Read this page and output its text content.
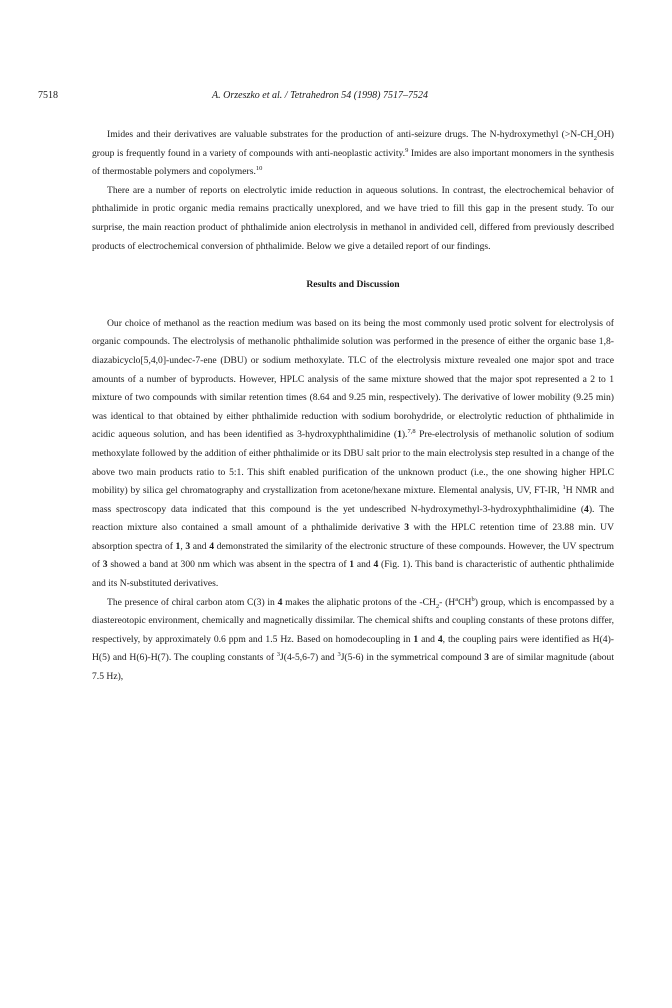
7518	A. Orzeszko et al. / Tetrahedron 54 (1998) 7517–7524

Imides and their derivatives are valuable substrates for the production of anti-seizure drugs. The N-hydroxymethyl $(>N-CH_2OH)$ group is frequently found in a variety of compounds with anti-neoplastic activity.$^9$ Imides are also important monomers in the synthesis of thermostable polymers and copolymers.$^{10}$

There are a number of reports on electrolytic imide reduction in aqueous solutions. In contrast, the electrochemical behavior of phthalimide in protic organic media remains practically unexplored, and we have tried to fill this gap in the present study. To our surprise, the main reaction product of phthalimide anion electrolysis in methanol in andivided cell, differed from previously described products of electrochemical conversion of phthalimide. Below we give a detailed report of our findings.

Results and Discussion

Our choice of methanol as the reaction medium was based on its being the most commonly used protic solvent for electrolysis of organic compounds. The electrolysis of methanolic phthalimide solution was performed in the presence of either the organic base 1,8-diazabicyclo[5,4,0]-undec-7-ene (DBU) or sodium methoxylate. TLC of the electrolysis mixture revealed one major spot and trace amounts of a number of byproducts. However, HPLC analysis of the same mixture showed that the major spot represented a 2 to 1 mixture of two compounds with similar retention times (8.64 and 9.25 min, respectively). The derivative of lower mobility (9.25 min) was identical to that obtained by either phthalimide reduction with sodium borohydride, or electrolytic reduction of phthalimide in acidic aqueous solution, and has been identified as 3-hydroxyphthalimidine (1).$^{7,8}$ Pre-electrolysis of methanolic solution of sodium methoxylate followed by the addition of either phthalimide or its DBU salt prior to the main electrolysis step resulted in a change of the above two main products ratio to 5:1. This shift enabled purification of the unknown product (i.e., the one showing higher HPLC mobility) by silica gel chromatography and crystallization from acetone/hexane mixture. Elemental analysis, UV, FT-IR, $^1$H NMR and mass spectroscopy data indicated that this compound is the yet undescribed N-hydroxymethyl-3-hydroxyphthalimidine (4). The reaction mixture also contained a small amount of a phthalimide derivative 3 with the HPLC retention time of 23.88 min. UV absorption spectra of 1, 3 and 4 demonstrated the similarity of the electronic structure of these compounds. However, the UV spectrum of 3 showed a band at 300 nm which was absent in the spectra of 1 and 4 (Fig. 1). This band is characteristic of authentic phthalimide and its N-substituted derivatives.

The presence of chiral carbon atom C(3) in 4 makes the aliphatic protons of the $-CH_2-$ $(H^aCH^b)$ group, which is encompassed by a diastereotopic environment, chemically and magnetically dissimilar. The chemical shifts and coupling constants of these protons differ, respectively, by approximately 0.6 ppm and 1.5 Hz. Based on homodecoupling in 1 and 4, the coupling pairs were identified as H(4)-H(5) and H(6)-H(7). The coupling constants of $^3$J(4-5,6-7) and $^3$J(5-6) in the symmetrical compound 3 are of similar magnitude (about 7.5 Hz),
